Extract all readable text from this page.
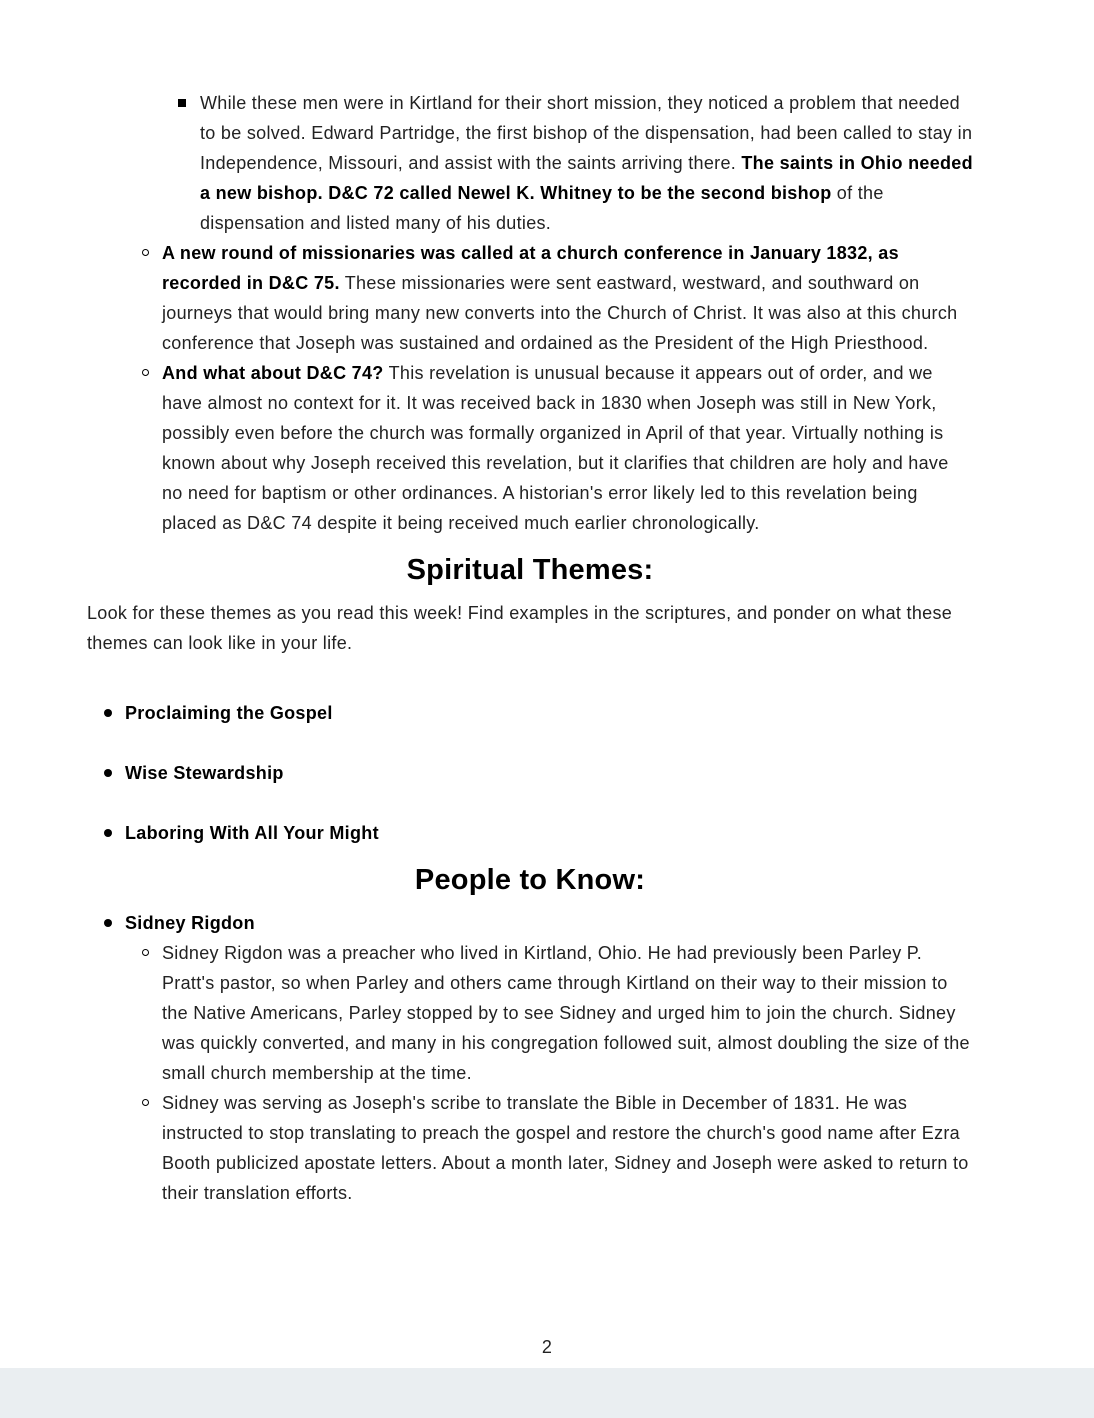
While these men were in Kirtland for their short mission, they noticed a problem that needed to be solved. Edward Partridge, the first bishop of the dispensation, had been called to stay in Independence, Missouri, and assist with the saints arriving there. The saints in Ohio needed a new bishop. D&C 72 called Newel K. Whitney to be the second bishop of the dispensation and listed many of his duties.
A new round of missionaries was called at a church conference in January 1832, as recorded in D&C 75. These missionaries were sent eastward, westward, and southward on journeys that would bring many new converts into the Church of Christ. It was also at this church conference that Joseph was sustained and ordained as the President of the High Priesthood.
And what about D&C 74? This revelation is unusual because it appears out of order, and we have almost no context for it. It was received back in 1830 when Joseph was still in New York, possibly even before the church was formally organized in April of that year. Virtually nothing is known about why Joseph received this revelation, but it clarifies that children are holy and have no need for baptism or other ordinances. A historian's error likely led to this revelation being placed as D&C 74 despite it being received much earlier chronologically.
Spiritual Themes:

Look for these themes as you read this week! Find examples in the scriptures, and ponder on what these themes can look like in your life.

Proclaiming the Gospel
Wise Stewardship
Laboring With All Your Might
People to Know:
Sidney Rigdon
Sidney Rigdon was a preacher who lived in Kirtland, Ohio. He had previously been Parley P. Pratt's pastor, so when Parley and others came through Kirtland on their way to their mission to the Native Americans, Parley stopped by to see Sidney and urged him to join the church. Sidney was quickly converted, and many in his congregation followed suit, almost doubling the size of the small church membership at the time.
Sidney was serving as Joseph's scribe to translate the Bible in December of 1831. He was instructed to stop translating to preach the gospel and restore the church's good name after Ezra Booth publicized apostate letters. About a month later, Sidney and Joseph were asked to return to their translation efforts.
2
